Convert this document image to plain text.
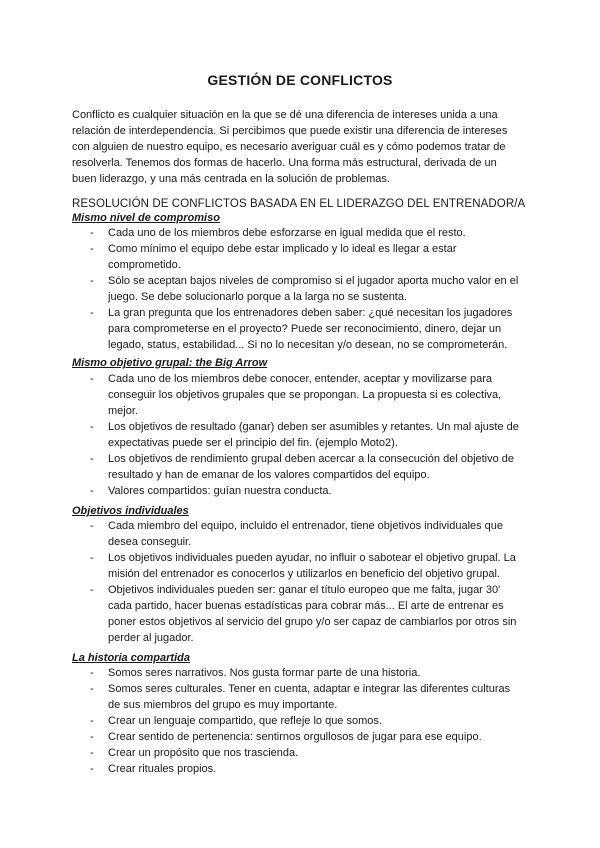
GESTIÓN DE CONFLICTOS

Conflicto es cualquier situación en la que se dé una diferencia de intereses unida a una relación de interdependencia. Si percibimos que puede existir una diferencia de intereses con alguien de nuestro equipo, es necesario averiguar cuál es y cómo podemos tratar de resolverla. Tenemos dos formas de hacerlo. Una forma más estructural, derivada de un buen liderazgo, y una más centrada en la solución de problemas.

RESOLUCIÓN DE CONFLICTOS BASADA EN EL LIDERAZGO DEL ENTRENADOR/A
Mismo nivel de compromiso
- Cada uno de los miembros debe esforzarse en igual medida que el resto.
- Como mínimo el equipo debe estar implicado y lo ideal es llegar a estar comprometido.
- Sólo se aceptan bajos niveles de compromiso si el jugador aporta mucho valor en el juego. Se debe solucionarlo porque a la larga no se sustenta.
- La gran pregunta que los entrenadores deben saber: ¿qué necesitan los jugadores para comprometerse en el proyecto? Puede ser reconocimiento, dinero, dejar un legado, status, estabilidad... Si no lo necesitan y/o desean, no se comprometerán.
-
Mismo objetivo grupal: the Big Arrow
- Cada uno de los miembros debe conocer, entender, aceptar y movilizarse para conseguir los objetivos grupales que se propongan. La propuesta si es colectiva, mejor.
- Los objetivos de resultado (ganar) deben ser asumibles y retantes. Un mal ajuste de expectativas puede ser el principio del fin. (ejemplo Moto2).
- Los objetivos de rendimiento grupal deben acercar a la consecución del objetivo de resultado y han de emanar de los valores compartidos del equipo.
- Valores compartidos: guían nuestra conducta.
Objetivos individuales
- Cada miembro del equipo, incluido el entrenador, tiene objetivos individuales que desea conseguir.
- Los objetivos individuales pueden ayudar, no influir o sabotear el objetivo grupal. La misión del entrenador es conocerlos y utilizarlos en beneficio del objetivo grupal.
- Objetivos individuales pueden ser: ganar el título europeo que me falta, jugar 30' cada partido, hacer buenas estadísticas para cobrar más... El arte de entrenar es poner estos objetivos al servicio del grupo y/o ser capaz de cambiarlos por otros sin perder al jugador.
La historia compartida
- Somos seres narrativos. Nos gusta formar parte de una historia.
- Somos seres culturales. Tener en cuenta, adaptar e integrar las diferentes culturas de sus miembros del grupo es muy importante.
- Crear un lenguaje compartido, que refleje lo que somos.
- Crear sentido de pertenencia: sentirnos orgullosos de jugar para ese equipo.
- Crear un propósito que nos trascienda.
- Crear rituales propios.
